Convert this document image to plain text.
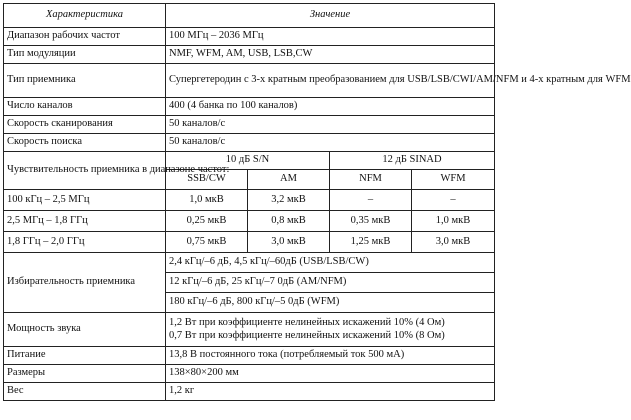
Характеристика	Значение			
Диапазон рабочих частот	100 МГц – 2036 МГц			
Тип модуляции	NMF, WFM, AM, USB, LSB,CW			
Тип приемника	Супергетеродин с 3-х кратным преобразованием для USB/LSB/CWI/AM/NFM и 4-х кратным для WFM			
Число каналов	400 (4 банка по 100 каналов)			
Скорость сканирования	50 каналов/с			
Скорость поиска	50 каналов/с			
Чувствительность приемника в диапазоне частот:	10 дБ S/N		12 дБ SINAD	
	SSB/CW	AM	NFM	WFM
100 кГц – 2,5 МГц	1,0 мкВ	3,2 мкВ	–	–
2,5 МГц – 1,8 ГГц	0,25 мкВ	0,8 мкВ	0,35 мкВ	1,0 мкВ
1,8 ГГц – 2,0 ГГц	0,75 мкВ	3,0 мкВ	1,25 мкВ	3,0 мкВ
Избирательность приемника	2,4 кГц/–6 дБ, 4,5 кГц/–60дБ (USB/LSB/CW)			
	12 кГц/–6 дБ, 25 кГц/–7 0дБ (AM/NFM)			
	180 кГц/–6 дБ, 800 кГц/–5 0дБ (WFM)			
Мощность звука	1,2 Вт при коэффициенте нелинейных искажений 10% (4 Ом)
0,7 Вт при коэффициенте нелинейных искажений 10% (8 Ом)			

Питание	13,8 В постоянного тока (потребляемый ток 500 мА)			
Размеры	138×80×200 мм			
Вес	1,2 кг			
